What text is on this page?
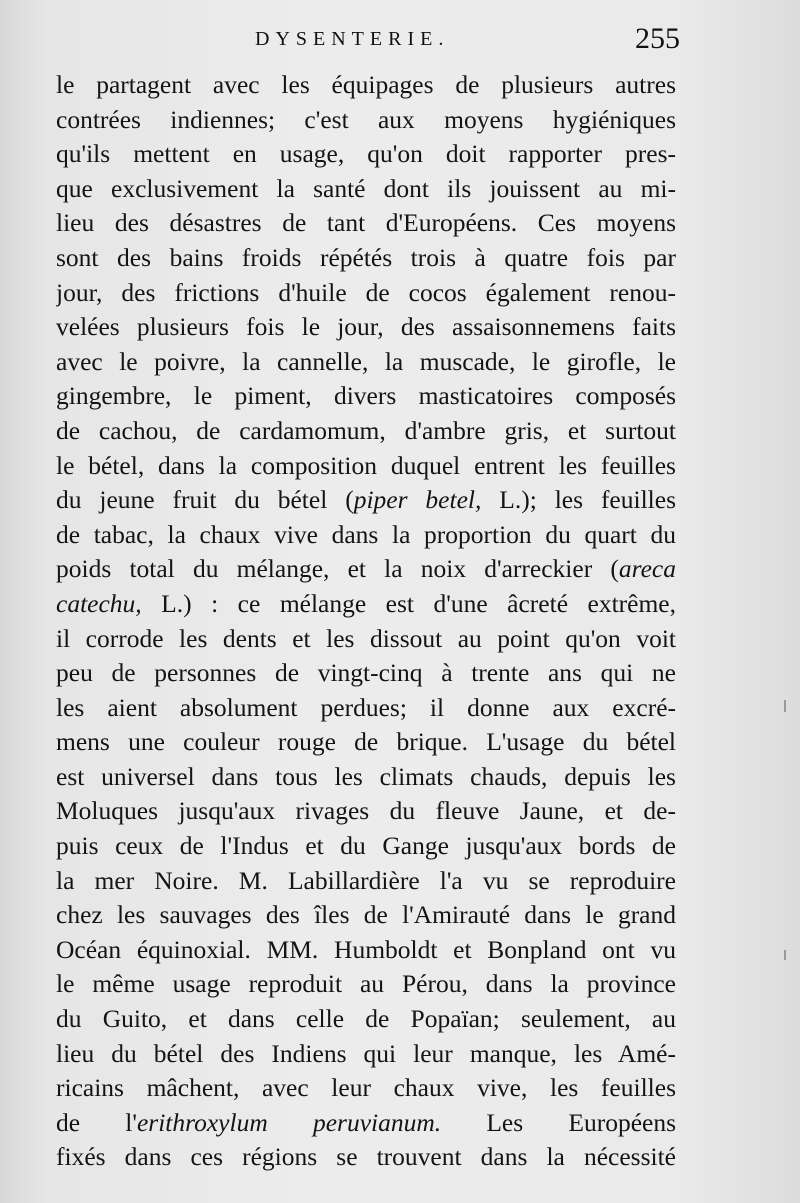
DYSENTERIE.	255
le partagent avec les équipages de plusieurs autres
contrées indiennes; c'est aux moyens hygiéniques
qu'ils mettent en usage, qu'on doit rapporter pres-
que exclusivement la santé dont ils jouissent au mi-
lieu des désastres de tant d'Européens. Ces moyens
sont des bains froids répétés trois à quatre fois par
jour, des frictions d'huile de cocos également renou-
velées plusieurs fois le jour, des assaisonnemens faits
avec le poivre, la cannelle, la muscade, le girofle, le
gingembre, le piment, divers masticatoires composés
de cachou, de cardamomum, d'ambre gris, et surtout
le bétel, dans la composition duquel entrent les feuilles
du jeune fruit du bétel (piper betel, L.); les feuilles
de tabac, la chaux vive dans la proportion du quart du
poids total du mélange, et la noix d'arreckier (areca
catechu, L.) : ce mélange est d'une âcreté extrême,
il corrode les dents et les dissout au point qu'on voit
peu de personnes de vingt-cinq à trente ans qui ne
les aient absolument perdues; il donne aux excré-
mens une couleur rouge de brique. L'usage du bétel
est universel dans tous les climats chauds, depuis les
Moluques jusqu'aux rivages du fleuve Jaune, et de-
puis ceux de l'Indus et du Gange jusqu'aux bords de
la mer Noire. M. Labillardière l'a vu se reproduire
chez les sauvages des îles de l'Amirauté dans le grand
Océan équinoxial. MM. Humboldt et Bonpland ont vu
le même usage reproduit au Pérou, dans la province
du Guito, et dans celle de Popaïan; seulement, au
lieu du bétel des Indiens qui leur manque, les Amé-
ricains mâchent, avec leur chaux vive, les feuilles
de l'erithroxylum peruvianum. Les Européens
fixés dans ces régions se trouvent dans la nécessité
